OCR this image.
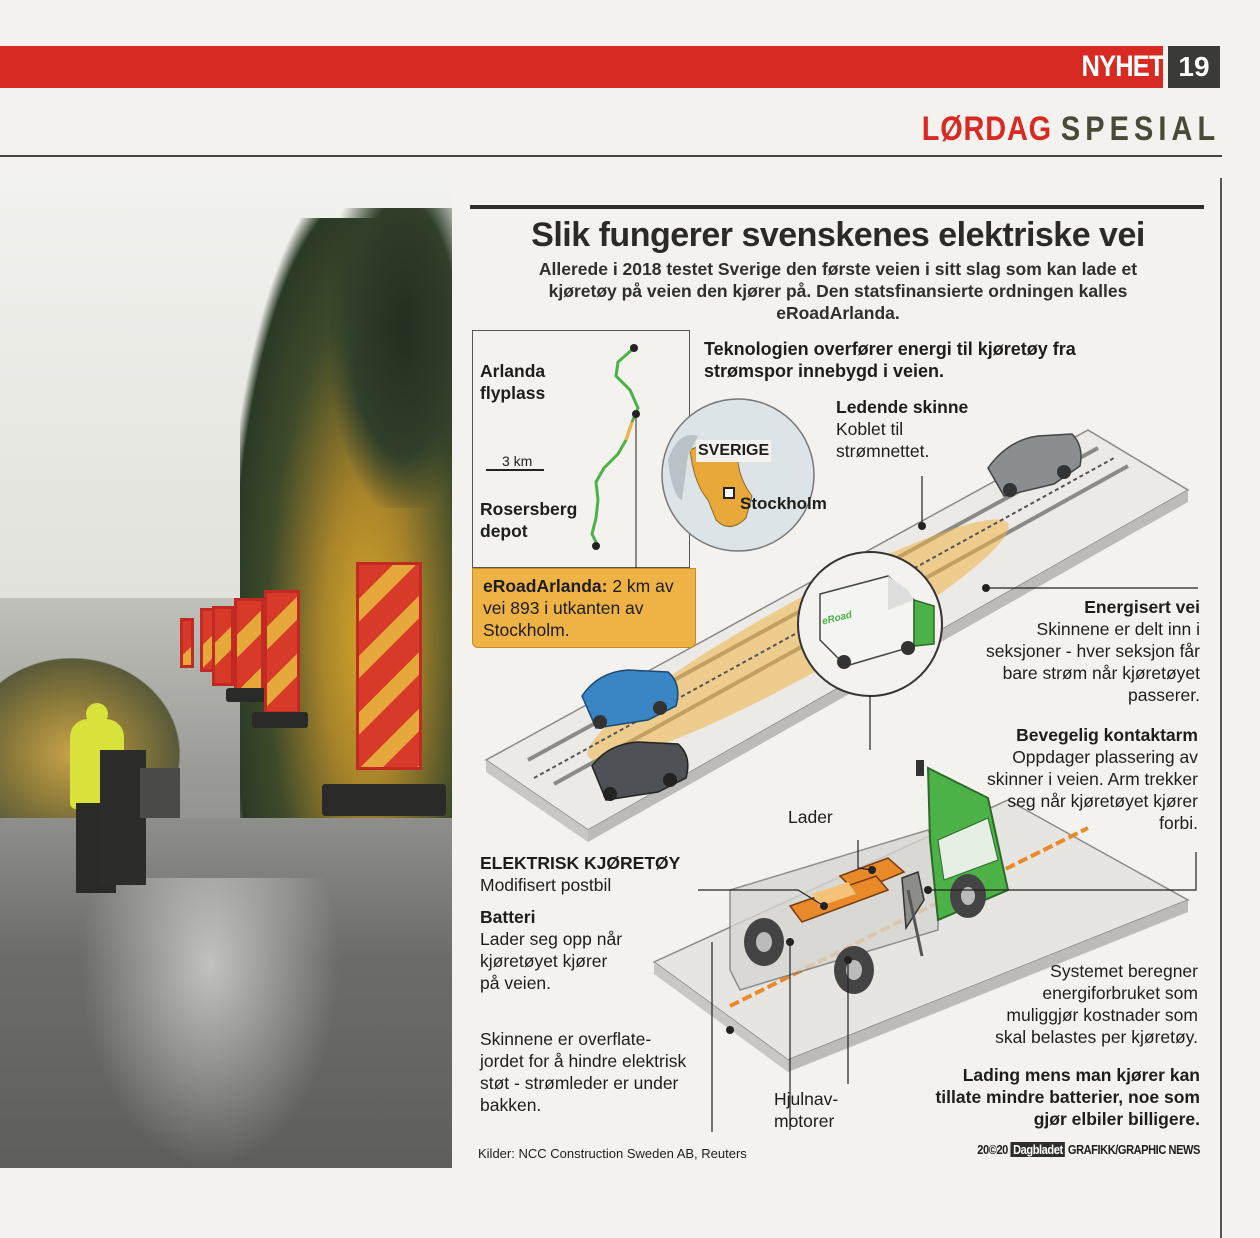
NYHET 19
LØRDAG SPESIAL
Slik fungerer svenskenes elektriske vei
Allerede i 2018 testet Sverige den første veien i sitt slag som kan lade et kjøretøy på veien den kjører på. Den statsfinansierte ordningen kalles eRoadArlanda.
Arlanda flyplass
3 km
Rosersberg depot
SVERIGE
Stockholm
eRoadArlanda: 2 km av vei 893 i utkanten av Stockholm.
Teknologien overfører energi til kjøretøy fra strømspor innebygd i veien.
Ledende skinne
Koblet til strømnettet.
Energisert vei
Skinnene er delt inn i seksjoner - hver seksjon får bare strøm når kjøretøyet passerer.
Bevegelig kontaktarm
Oppdager plassering av skinner i veien. Arm trekker seg når kjøretøyet kjører forbi.
Lader
ELEKTRISK KJØRETØY
Modifisert postbil
Batteri
Lader seg opp når kjøretøyet kjører på veien.
Systemet beregner energiforbruket som muliggjør kostnader som skal belastes per kjøretøy.
Lading mens man kjører kan tillate mindre batterier, noe som gjør elbiler billigere.
Skinnene er overflate-jordet for å hindre elektrisk støt - strømleder er under bakken.	Hjulnav-motorer
eRoad
Kilder: NCC Construction Sweden AB, Reuters	20©20 Dagbladet GRAFIKK/GRAPHIC NEWS
